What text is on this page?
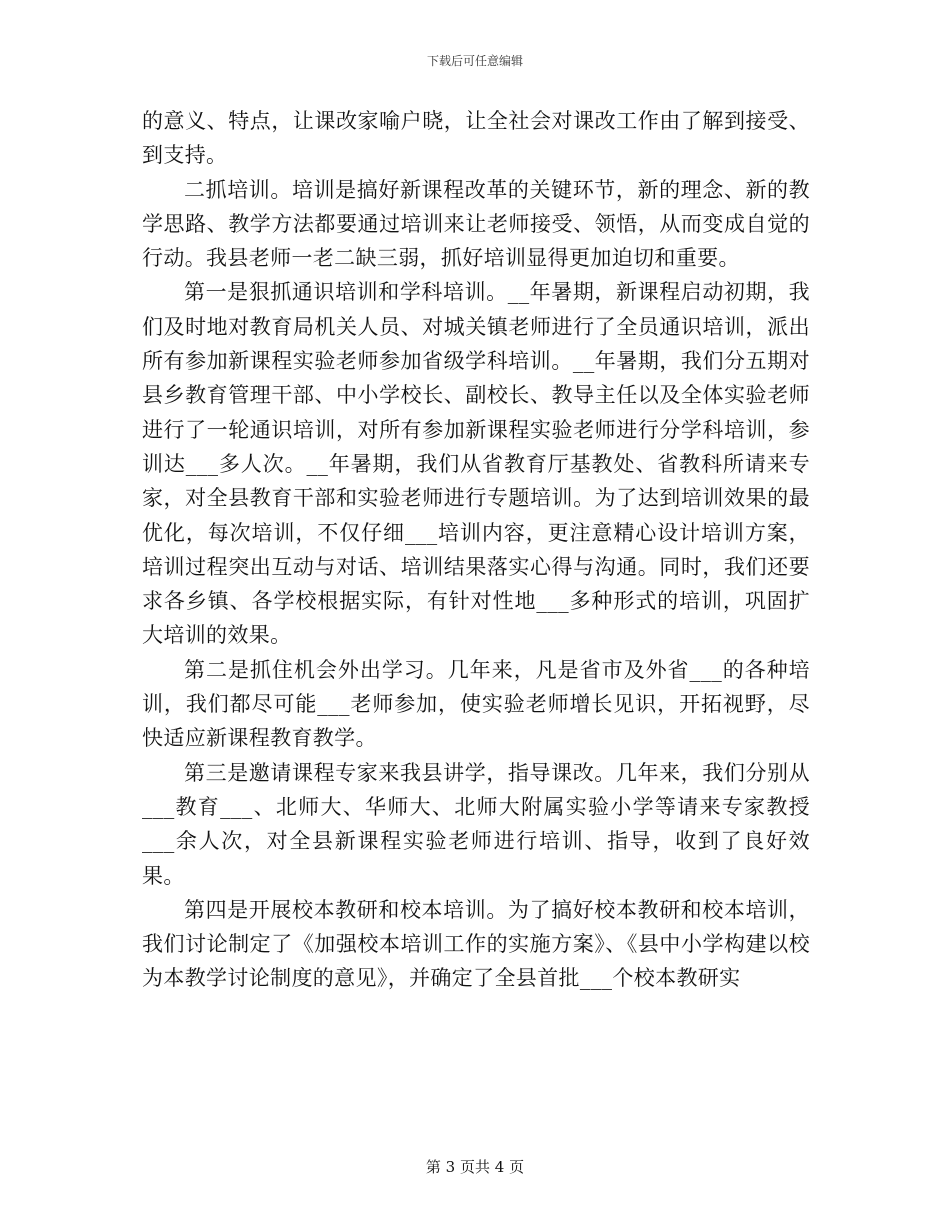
下载后可任意编辑

的意义、特点，让课改家喻户晓，让全社会对课改工作由了解到接受、到支持。

二抓培训。培训是搞好新课程改革的关键环节，新的理念、新的教学思路、教学方法都要通过培训来让老师接受、领悟，从而变成自觉的行动。我县老师一老二缺三弱，抓好培训显得更加迫切和重要。

第一是狠抓通识培训和学科培训。__年暑期，新课程启动初期，我们及时地对教育局机关人员、对城关镇老师进行了全员通识培训，派出所有参加新课程实验老师参加省级学科培训。__年暑期，我们分五期对县乡教育管理干部、中小学校长、副校长、教导主任以及全体实验老师进行了一轮通识培训，对所有参加新课程实验老师进行分学科培训，参训达___多人次。__年暑期，我们从省教育厅基教处、省教科所请来专家，对全县教育干部和实验老师进行专题培训。为了达到培训效果的最优化，每次培训，不仅仔细___培训内容，更注意精心设计培训方案，培训过程突出互动与对话、培训结果落实心得与沟通。同时，我们还要求各乡镇、各学校根据实际，有针对性地___多种形式的培训，巩固扩大培训的效果。

第二是抓住机会外出学习。几年来，凡是省市及外省___的各种培训，我们都尽可能___老师参加，使实验老师增长见识，开拓视野，尽快适应新课程教育教学。

第三是邀请课程专家来我县讲学，指导课改。几年来，我们分别从___教育___、北师大、华师大、北师大附属实验小学等请来专家教授___余人次，对全县新课程实验老师进行培训、指导，收到了良好效果。

第四是开展校本教研和校本培训。为了搞好校本教研和校本培训，我们讨论制定了《加强校本培训工作的实施方案》、《县中小学构建以校为本教学讨论制度的意见》，并确定了全县首批___个校本教研实

第 3 页共 4 页
